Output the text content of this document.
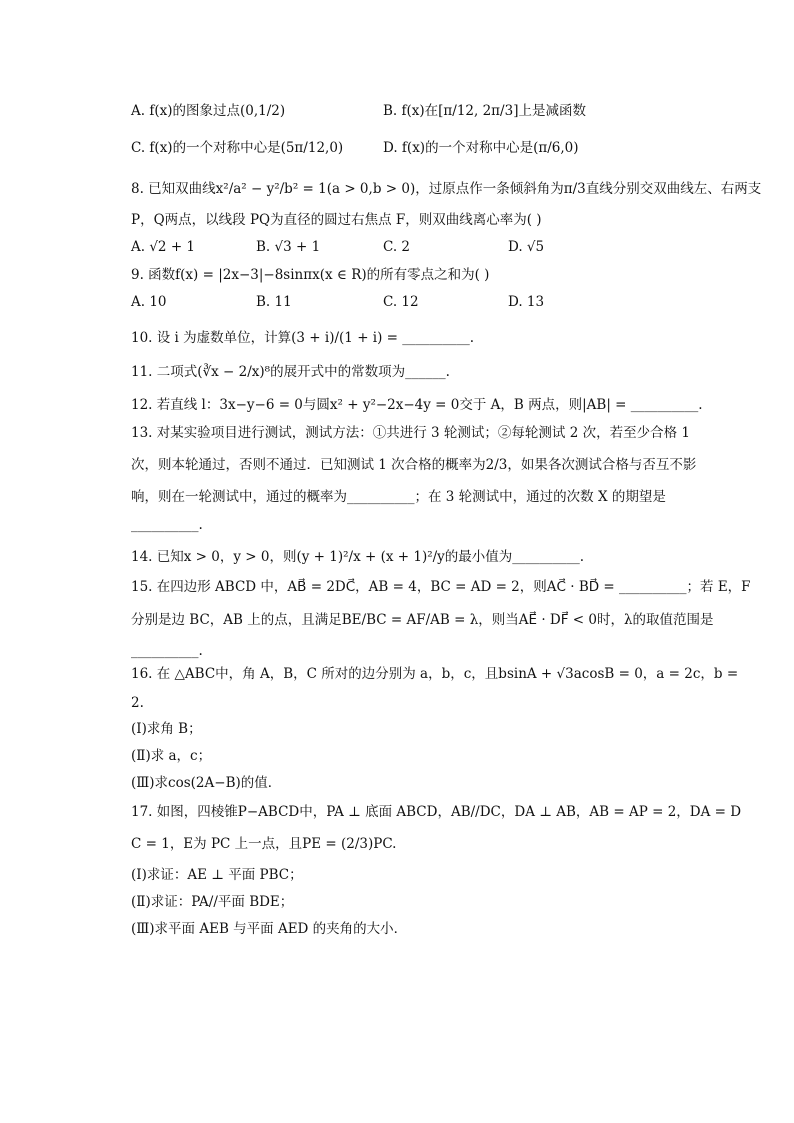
A. f(x)的图象过点(0,1/2)	B. f(x)在[π/12, 2π/3]上是减函数
C. f(x)的一个对称中心是(5π/12,0)	D. f(x)的一个对称中心是(π/6,0)
8. 已知双曲线x²/a² − y²/b² = 1(a > 0,b > 0)，过原点作一条倾斜角为π/3直线分别交双曲线左、右两支
P，Q两点，以线段 PQ为直径的圆过右焦点 F，则双曲线离心率为( )
A. √2 + 1	B. √3 + 1	C. 2	D. √5
9. 函数f(x) = |2x−3|−8sinπx(x ∈ R)的所有零点之和为( )
A. 10	B. 11	C. 12	D. 13
10. 设 i 为虚数单位，计算(3 + i)/(1 + i) = __________.
11. 二项式(∛x − 2/x)⁸的展开式中的常数项为______.
12. 若直线 l：3x−y−6 = 0与圆x² + y²−2x−4y = 0交于 A，B 两点，则|AB| = __________.
13. 对某实验项目进行测试，测试方法：①共进行 3 轮测试；②每轮测试 2 次，若至少合格 1
次，则本轮通过，否则不通过．已知测试 1 次合格的概率为2/3，如果各次测试合格与否互不影
响，则在一轮测试中，通过的概率为__________；在 3 轮测试中，通过的次数 X 的期望是
__________.
14. 已知x > 0，y > 0，则(y + 1)²/x + (x + 1)²/y的最小值为__________.
15. 在四边形 ABCD 中，AB⃗ = 2DC⃗，AB = 4，BC = AD = 2，则AC⃗ · BD⃗ = __________；若 E，F
分别是边 BC，AB 上的点，且满足BE/BC = AF/AB = λ，则当AE⃗ · DF⃗ < 0时，λ的取值范围是
__________.
16. 在 △ABC中，角 A，B，C 所对的边分别为 a，b，c，且bsinA + √3acosB = 0，a = 2c，b =
2.
(Ⅰ)求角 B；
(Ⅱ)求 a，c；
(Ⅲ)求cos(2A−B)的值．
17. 如图，四棱锥P−ABCD中，PA ⊥ 底面 ABCD，AB//DC，DA ⊥ AB，AB = AP = 2，DA = D
C = 1，E为 PC 上一点，且PE = (2/3)PC.
(Ⅰ)求证：AE ⊥ 平面 PBC；
(Ⅱ)求证：PA//平面 BDE；
(Ⅲ)求平面 AEB 与平面 AED 的夹角的大小．
